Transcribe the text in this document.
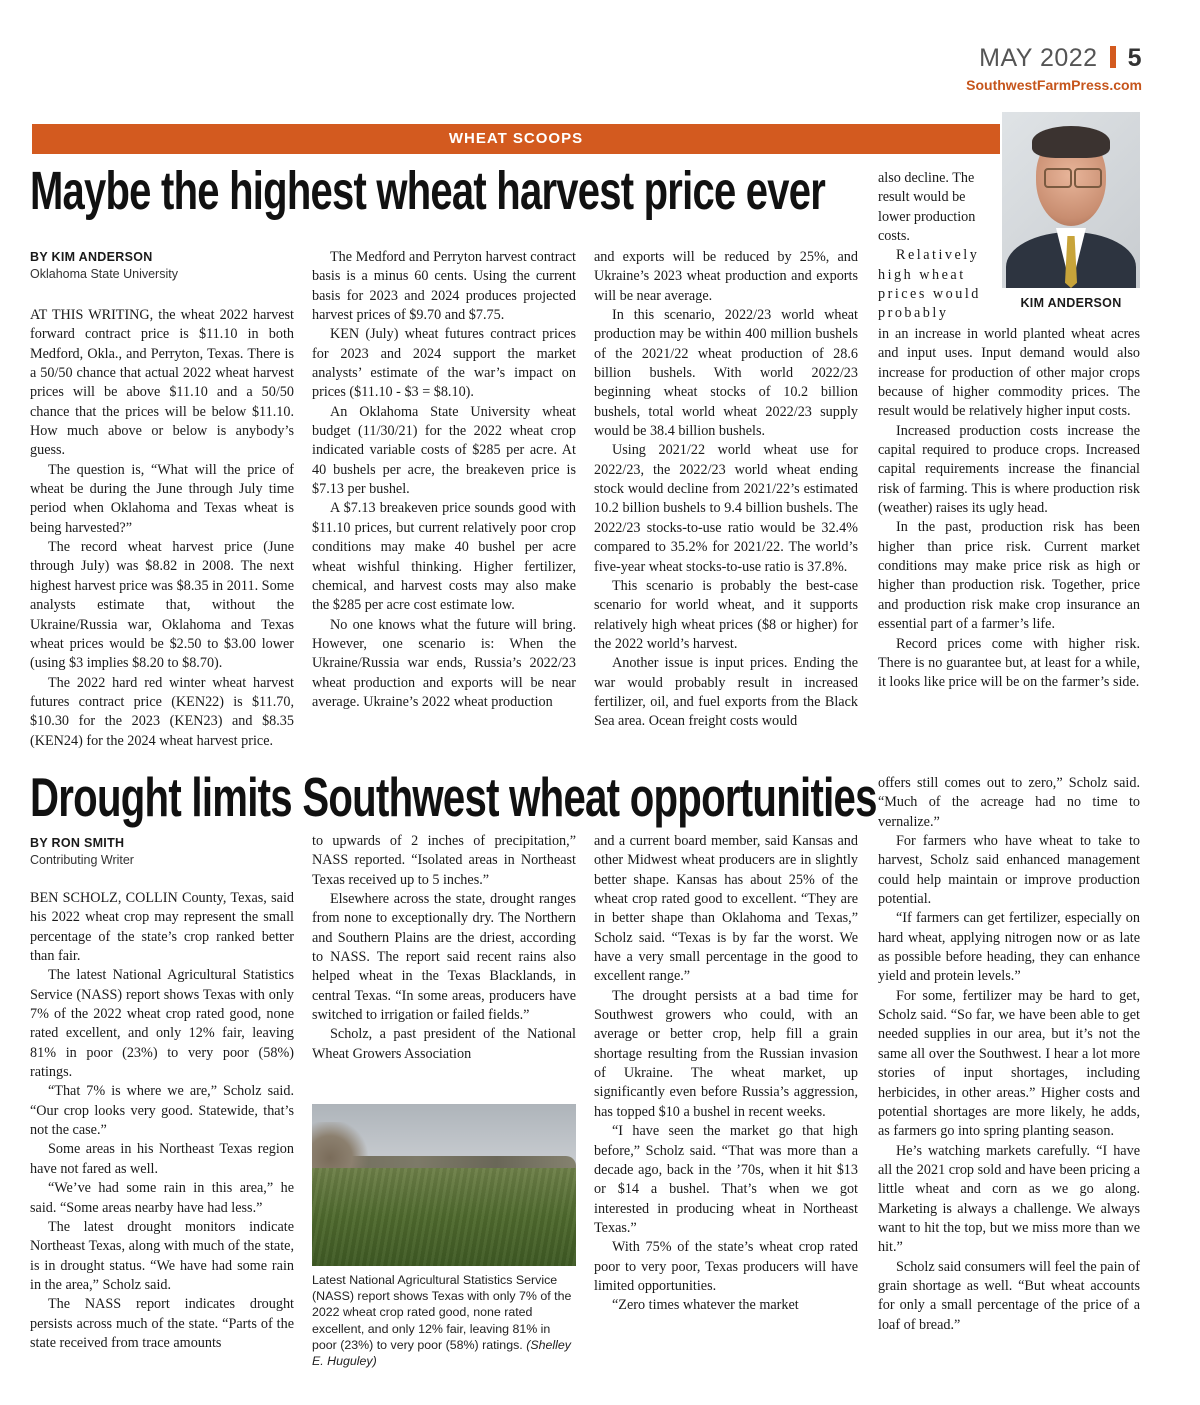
MAY 2022 5
SouthwestFarmPress.com
WHEAT SCOOPS
Maybe the highest wheat harvest price ever
BY KIM ANDERSON
Oklahoma State University

AT THIS WRITING, the wheat 2022 harvest forward contract price is $11.10 in both Medford, Okla., and Perryton, Texas. There is a 50/50 chance that actual 2022 wheat harvest prices will be above $11.10 and a 50/50 chance that the prices will be below $11.10. How much above or below is anybody’s guess.

The question is, “What will the price of wheat be during the June through July time period when Oklahoma and Texas wheat is being harvested?”

The record wheat harvest price (June through July) was $8.82 in 2008. The next highest harvest price was $8.35 in 2011. Some analysts estimate that, without the Ukraine/Russia war, Oklahoma and Texas wheat prices would be $2.50 to $3.00 lower (using $3 implies $8.20 to $8.70).

The 2022 hard red winter wheat harvest futures contract price (KEN22) is $11.70, $10.30 for the 2023 (KEN23) and $8.35 (KEN24) for the 2024 wheat harvest price.

The Medford and Perryton harvest contract basis is a minus 60 cents. Using the current basis for 2023 and 2024 produces projected harvest prices of $9.70 and $7.75.

KEN (July) wheat futures contract prices for 2023 and 2024 support the market analysts’ estimate of the war’s impact on prices ($11.10 - $3 = $8.10).

An Oklahoma State University wheat budget (11/30/21) for the 2022 wheat crop indicated variable costs of $285 per acre. At 40 bushels per acre, the breakeven price is $7.13 per bushel.

A $7.13 breakeven price sounds good with $11.10 prices, but current relatively poor crop conditions may make 40 bushel per acre wheat wishful thinking. Higher fertilizer, chemical, and harvest costs may also make the $285 per acre cost estimate low.

No one knows what the future will bring. However, one scenario is: When the Ukraine/Russia war ends, Russia’s 2022/23 wheat production and exports will be near average. Ukraine’s 2022 wheat production

and exports will be reduced by 25%, and Ukraine’s 2023 wheat production and exports will be near average.

In this scenario, 2022/23 world wheat production may be within 400 million bushels of the 2021/22 wheat production of 28.6 billion bushels. With world 2022/23 beginning wheat stocks of 10.2 billion bushels, total world wheat 2022/23 supply would be 38.4 billion bushels.

Using 2021/22 world wheat use for 2022/23, the 2022/23 world wheat ending stock would decline from 2021/22’s estimated 10.2 billion bushels to 9.4 billion bushels. The 2022/23 stocks-to-use ratio would be 32.4% compared to 35.2% for 2021/22. The world’s five-year wheat stocks-to-use ratio is 37.8%.

This scenario is probably the best-case scenario for world wheat, and it supports relatively high wheat prices ($8 or higher) for the 2022 world’s harvest.

Another issue is input prices. Ending the war would probably result in increased fertilizer, oil, and fuel exports from the Black Sea area. Ocean freight costs would

also decline. The result would be lower production costs.

Relatively high wheat prices would probably

in an increase in world planted wheat acres and input uses. Input demand would also increase for production of other major crops because of higher commodity prices. The result would be relatively higher input costs.

Increased production costs increase the capital required to produce crops. Increased capital requirements increase the financial risk of farming. This is where production risk (weather) raises its ugly head.

In the past, production risk has been higher than price risk. Current market conditions may make price risk as high or higher than production risk. Together, price and production risk make crop insurance an essential part of a farmer’s life.

Record prices come with higher risk. There is no guarantee but, at least for a while, it looks like price will be on the farmer’s side.

KIM ANDERSON
Drought limits Southwest wheat opportunities
BY RON SMITH
Contributing Writer

BEN SCHOLZ, COLLIN County, Texas, said his 2022 wheat crop may represent the small percentage of the state’s crop ranked better than fair.

The latest National Agricultural Statistics Service (NASS) report shows Texas with only 7% of the 2022 wheat crop rated good, none rated excellent, and only 12% fair, leaving 81% in poor (23%) to very poor (58%) ratings.

“That 7% is where we are,” Scholz said. “Our crop looks very good. Statewide, that’s not the case.”

Some areas in his Northeast Texas region have not fared as well.

“We’ve had some rain in this area,” he said. “Some areas nearby have had less.”

The latest drought monitors indicate Northeast Texas, along with much of the state, is in drought status. “We have had some rain in the area,” Scholz said.

The NASS report indicates drought persists across much of the state. “Parts of the state received from trace amounts

to upwards of 2 inches of precipitation,” NASS reported. “Isolated areas in Northeast Texas received up to 5 inches.”

Elsewhere across the state, drought ranges from none to exceptionally dry. The Northern and Southern Plains are the driest, according to NASS. The report said recent rains also helped wheat in the Texas Blacklands, in central Texas. “In some areas, producers have switched to irrigation or failed fields.”

Scholz, a past president of the National Wheat Growers Association

Latest National Agricultural Statistics Service (NASS) report shows Texas with only 7% of the 2022 wheat crop rated good, none rated excellent, and only 12% fair, leaving 81% in poor (23%) to very poor (58%) ratings. (Shelley E. Huguley)

and a current board member, said Kansas and other Midwest wheat producers are in slightly better shape. Kansas has about 25% of the wheat crop rated good to excellent. “They are in better shape than Oklahoma and Texas,” Scholz said. “Texas is by far the worst. We have a very small percentage in the good to excellent range.”

The drought persists at a bad time for Southwest growers who could, with an average or better crop, help fill a grain shortage resulting from the Russian invasion of Ukraine. The wheat market, up significantly even before Russia’s aggression, has topped $10 a bushel in recent weeks.

“I have seen the market go that high before,” Scholz said. “That was more than a decade ago, back in the ’70s, when it hit $13 or $14 a bushel. That’s when we got interested in producing wheat in Northeast Texas.”

With 75% of the state’s wheat crop rated poor to very poor, Texas producers will have limited opportunities.

“Zero times whatever the market

offers still comes out to zero,” Scholz said. “Much of the acreage had no time to vernalize.”

For farmers who have wheat to take to harvest, Scholz said enhanced management could help maintain or improve production potential.

“If farmers can get fertilizer, especially on hard wheat, applying nitrogen now or as late as possible before heading, they can enhance yield and protein levels.”

For some, fertilizer may be hard to get, Scholz said. “So far, we have been able to get needed supplies in our area, but it’s not the same all over the Southwest. I hear a lot more stories of input shortages, including herbicides, in other areas.” Higher costs and potential shortages are more likely, he adds, as farmers go into spring planting season.

He’s watching markets carefully. “I have all the 2021 crop sold and have been pricing a little wheat and corn as we go along. Marketing is always a challenge. We always want to hit the top, but we miss more than we hit.”

Scholz said consumers will feel the pain of grain shortage as well. “But wheat accounts for only a small percentage of the price of a loaf of bread.”
